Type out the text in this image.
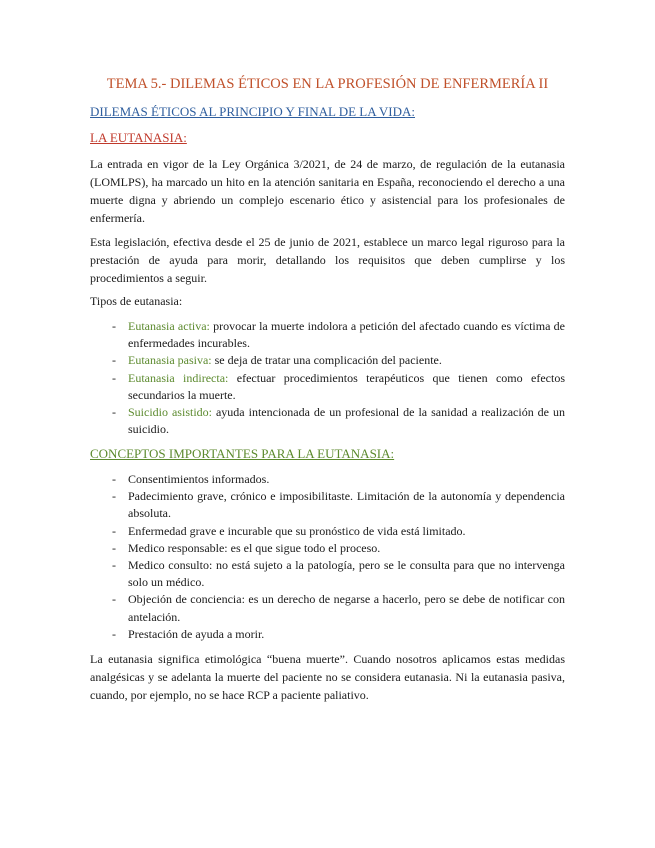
TEMA 5.- DILEMAS ÉTICOS EN LA PROFESIÓN DE ENFERMERÍA II
DILEMAS ÉTICOS AL PRINCIPIO Y FINAL DE LA VIDA:
LA EUTANASIA:

La entrada en vigor de la Ley Orgánica 3/2021, de 24 de marzo, de regulación de la eutanasia (LOMLPS), ha marcado un hito en la atención sanitaria en España, reconociendo el derecho a una muerte digna y abriendo un complejo escenario ético y asistencial para los profesionales de enfermería.

Esta legislación, efectiva desde el 25 de junio de 2021, establece un marco legal riguroso para la prestación de ayuda para morir, detallando los requisitos que deben cumplirse y los procedimientos a seguir.

Tipos de eutanasia:

- Eutanasia activa: provocar la muerte indolora a petición del afectado cuando es víctima de enfermedades incurables.
- Eutanasia pasiva: se deja de tratar una complicación del paciente.
- Eutanasia indirecta: efectuar procedimientos terapéuticos que tienen como efectos secundarios la muerte.
- Suicidio asistido: ayuda intencionada de un profesional de la sanidad a realización de un suicidio.
CONCEPTOS IMPORTANTES PARA LA EUTANASIA:
- Consentimientos informados.
- Padecimiento grave, crónico e imposibilitaste. Limitación de la autonomía y dependencia absoluta.
- Enfermedad grave e incurable que su pronóstico de vida está limitado.
- Medico responsable: es el que sigue todo el proceso.
- Medico consulto: no está sujeto a la patología, pero se le consulta para que no intervenga solo un médico.
- Objeción de conciencia: es un derecho de negarse a hacerlo, pero se debe de notificar con antelación.
- Prestación de ayuda a morir.

La eutanasia significa etimológica “buena muerte”. Cuando nosotros aplicamos estas medidas analgésicas y se adelanta la muerte del paciente no se considera eutanasia. Ni la eutanasia pasiva, cuando, por ejemplo, no se hace RCP a paciente paliativo.
